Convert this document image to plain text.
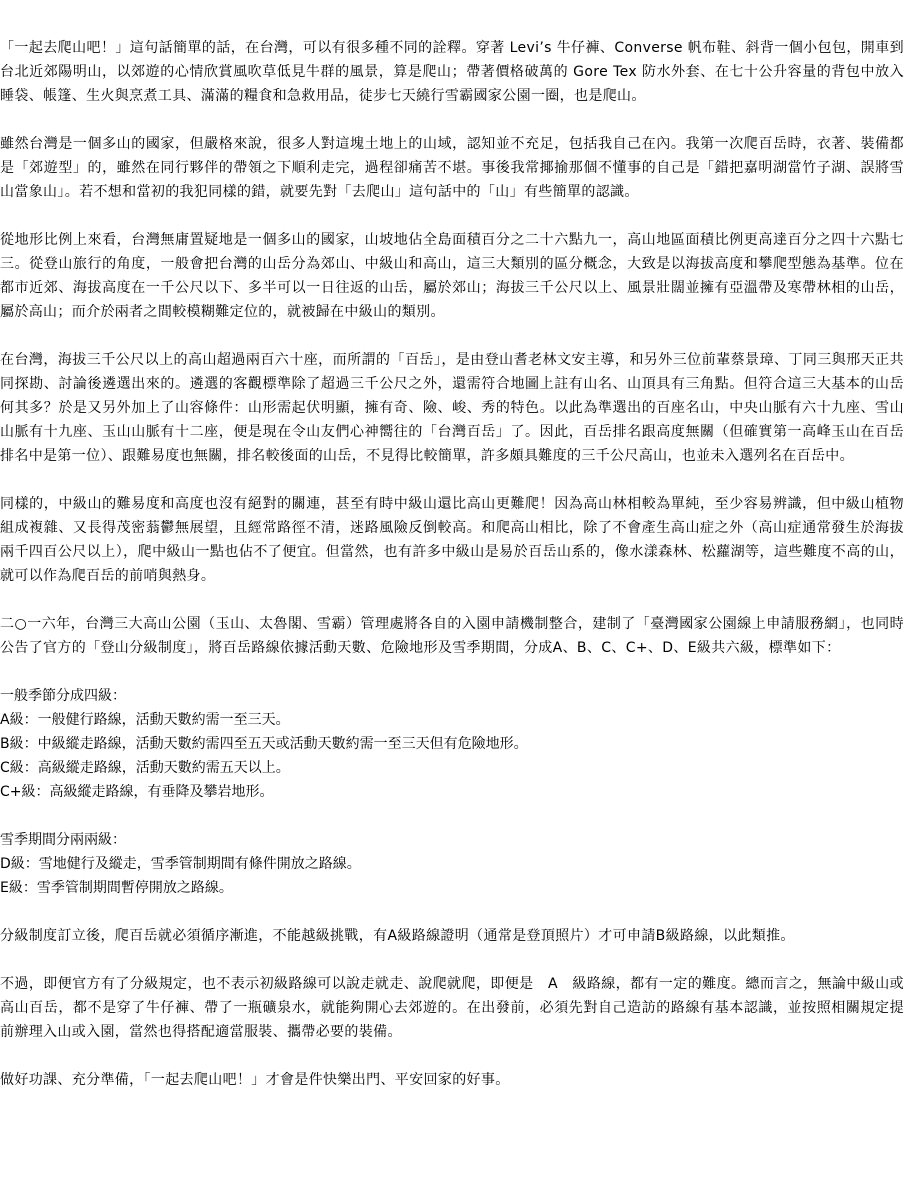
「一起去爬山吧！」這句話簡單的話，在台灣，可以有很多種不同的詮釋。穿著 Levi’s 牛仔褲、Converse 帆布鞋、斜背一個小包包，開車到台北近郊陽明山，以郊遊的心情欣賞風吹草低見牛群的風景，算是爬山；帶著價格破萬的 Gore Tex 防水外套、在七十公升容量的背包中放入睡袋、帳篷、生火與烹煮工具、滿滿的糧食和急救用品，徒步七天繞行雪霸國家公園一圈，也是爬山。

雖然台灣是一個多山的國家，但嚴格來說，很多人對這塊土地上的山域，認知並不充足，包括我自己在內。我第一次爬百岳時，衣著、裝備都是「郊遊型」的，雖然在同行夥伴的帶領之下順利走完，過程卻痛苦不堪。事後我常揶揄那個不懂事的自己是「錯把嘉明湖當竹子湖、誤將雪山當象山」。若不想和當初的我犯同樣的錯，就要先對「去爬山」這句話中的「山」有些簡單的認識。

從地形比例上來看，台灣無庸置疑地是一個多山的國家，山坡地佔全島面積百分之二十六點九一，高山地區面積比例更高達百分之四十六點七三。從登山旅行的角度，一般會把台灣的山岳分為郊山、中級山和高山，這三大類別的區分概念，大致是以海拔高度和攀爬型態為基準。位在都市近郊、海拔高度在一千公尺以下、多半可以一日往返的山岳，屬於郊山；海拔三千公尺以上、風景壯闊並擁有亞溫帶及寒帶林相的山岳，屬於高山；而介於兩者之間較模糊難定位的，就被歸在中級山的類別。

在台灣，海拔三千公尺以上的高山超過兩百六十座，而所謂的「百岳」，是由登山耆老林文安主導，和另外三位前輩蔡景璋、丁同三與邢天正共同探勘、討論後遴選出來的。遴選的客觀標準除了超過三千公尺之外，還需符合地圖上註有山名、山頂具有三角點。但符合這三大基本的山岳何其多？於是又另外加上了山容條件：山形需起伏明顯，擁有奇、險、峻、秀的特色。以此為準選出的百座名山，中央山脈有六十九座、雪山山脈有十九座、玉山山脈有十二座，便是現在令山友們心神嚮往的「台灣百岳」了。因此，百岳排名跟高度無關（但確實第一高峰玉山在百岳排名中是第一位）、跟難易度也無關，排名較後面的山岳，不見得比較簡單，許多頗具難度的三千公尺高山，也並未入選列名在百岳中。

同樣的，中級山的難易度和高度也沒有絕對的關連，甚至有時中級山還比高山更難爬！因為高山林相較為單純，至少容易辨識，但中級山植物組成複雜、又長得茂密蓊鬱無展望，且經常路徑不清，迷路風險反倒較高。和爬高山相比，除了不會產生高山症之外（高山症通常發生於海拔兩千四百公尺以上），爬中級山一點也佔不了便宜。但當然，也有許多中級山是易於百岳山系的，像水漾森林、松蘿湖等，這些難度不高的山，就可以作為爬百岳的前哨與熱身。

二○一六年，台灣三大高山公園（玉山、太魯閣、雪霸）管理處將各自的入園申請機制整合，建制了「臺灣國家公園線上申請服務網」，也同時公告了官方的「登山分級制度」，將百岳路線依據活動天數、危險地形及雪季期間，分成A、B、C、C+、D、E級共六級，標準如下：

一般季節分成四級：
A級：一般健行路線，活動天數約需一至三天。
B級：中級縱走路線，活動天數約需四至五天或活動天數約需一至三天但有危險地形。
C級：高級縱走路線，活動天數約需五天以上。
C+級：高級縱走路線，有垂降及攀岩地形。
雪季期間分兩兩級：
D級：雪地健行及縱走，雪季管制期間有條件開放之路線。
E級：雪季管制期間暫停開放之路線。

分級制度訂立後，爬百岳就必須循序漸進，不能越級挑戰，有A級路線證明（通常是登頂照片）才可申請B級路線，以此類推。

不過，即便官方有了分級規定，也不表示初級路線可以說走就走、說爬就爬，即便是　A　級路線，都有一定的難度。總而言之，無論中級山或高山百岳，都不是穿了牛仔褲、帶了一瓶礦泉水，就能夠開心去郊遊的。在出發前，必須先對自己造訪的路線有基本認識，並按照相關規定提前辦理入山或入園，當然也得搭配適當服裝、攜帶必要的裝備。

做好功課、充分準備，「一起去爬山吧！」才會是件快樂出門、平安回家的好事。
